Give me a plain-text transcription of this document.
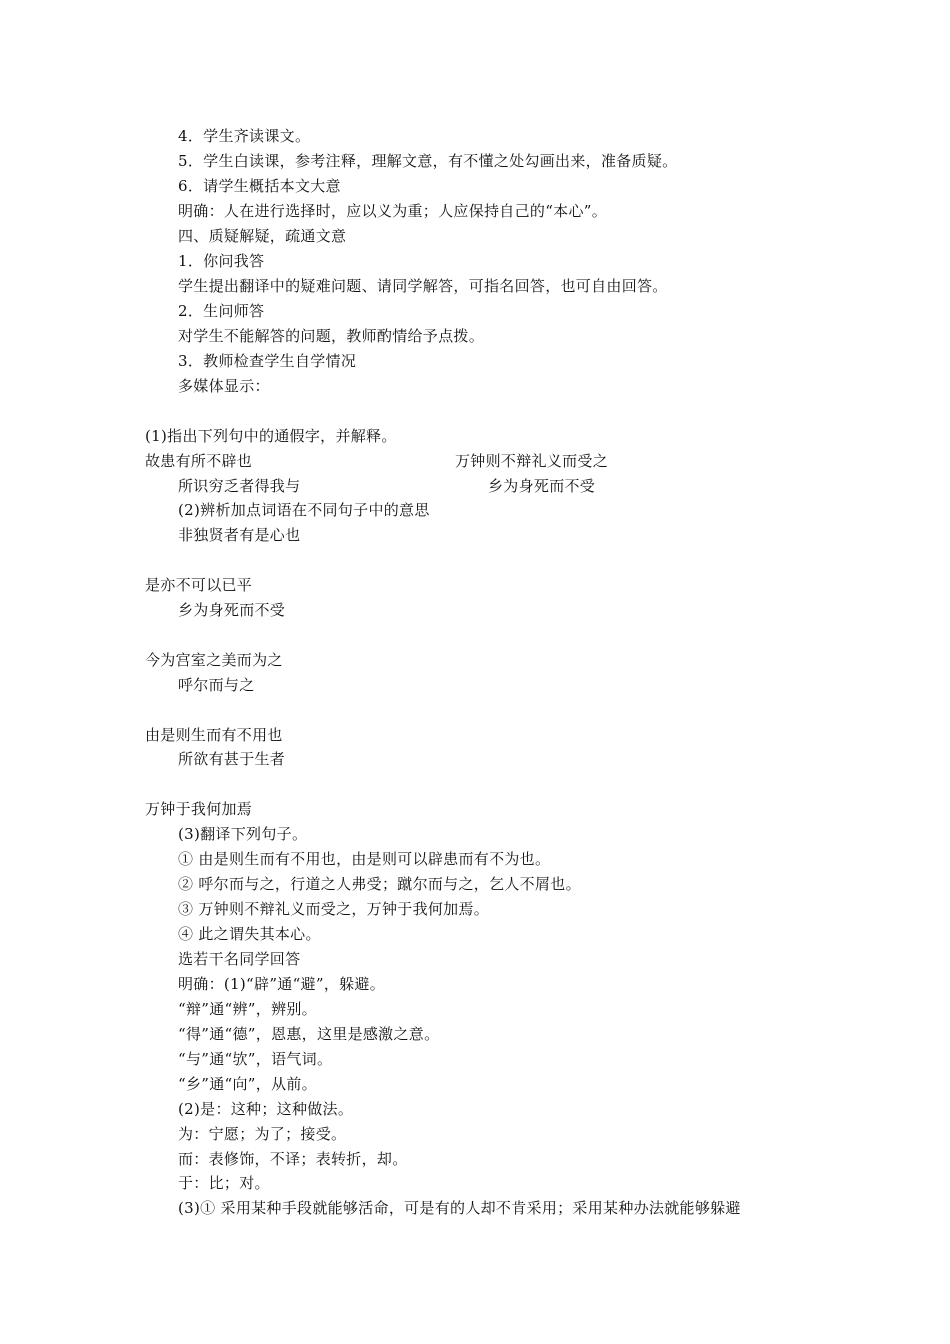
4．学生齐读课文。
5．学生白读课，参考注释，理解文意，有不懂之处勾画出来，准备质疑。
6．请学生概括本文大意
明确：人在进行选择时，应以义为重；人应保持自己的“本心”。
四、质疑解疑，疏通文意
1．你问我答
学生提出翻译中的疑难问题、请同学解答，可指名回答，也可自由回答。
2．生问师答
对学生不能解答的问题，教师酌情给予点拨。
3．教师检查学生自学情况
多媒体显示：
(1)指出下列句中的通假字，并解释。
故患有所不辟也	万钟则不辩礼义而受之
所识穷乏者得我与	乡为身死而不受
(2)辨析加点词语在不同句子中的意思
非独贤者有是心也
是亦不可以已平
乡为身死而不受
今为宫室之美而为之
呼尔而与之
由是则生而有不用也
所欲有甚于生者
万钟于我何加焉
(3)翻译下列句子。
① 由是则生而有不用也，由是则可以辟患而有不为也。
② 呼尔而与之，行道之人弗受；蹴尔而与之，乞人不屑也。
③ 万钟则不辩礼义而受之，万钟于我何加焉。
④ 此之谓失其本心。
选若干名同学回答
明确：(1)“辟”通“避”，躲避。
“辩”通“辨”，辨别。
“得”通“德”，恩惠，这里是感激之意。
“与”通“欤”，语气词。
“乡”通“向”，从前。
(2)是：这种；这种做法。
为：宁愿；为了；接受。
而：表修饰，不译；表转折，却。
于：比；对。
(3)① 采用某种手段就能够活命，可是有的人却不肯采用；采用某种办法就能够躲避
